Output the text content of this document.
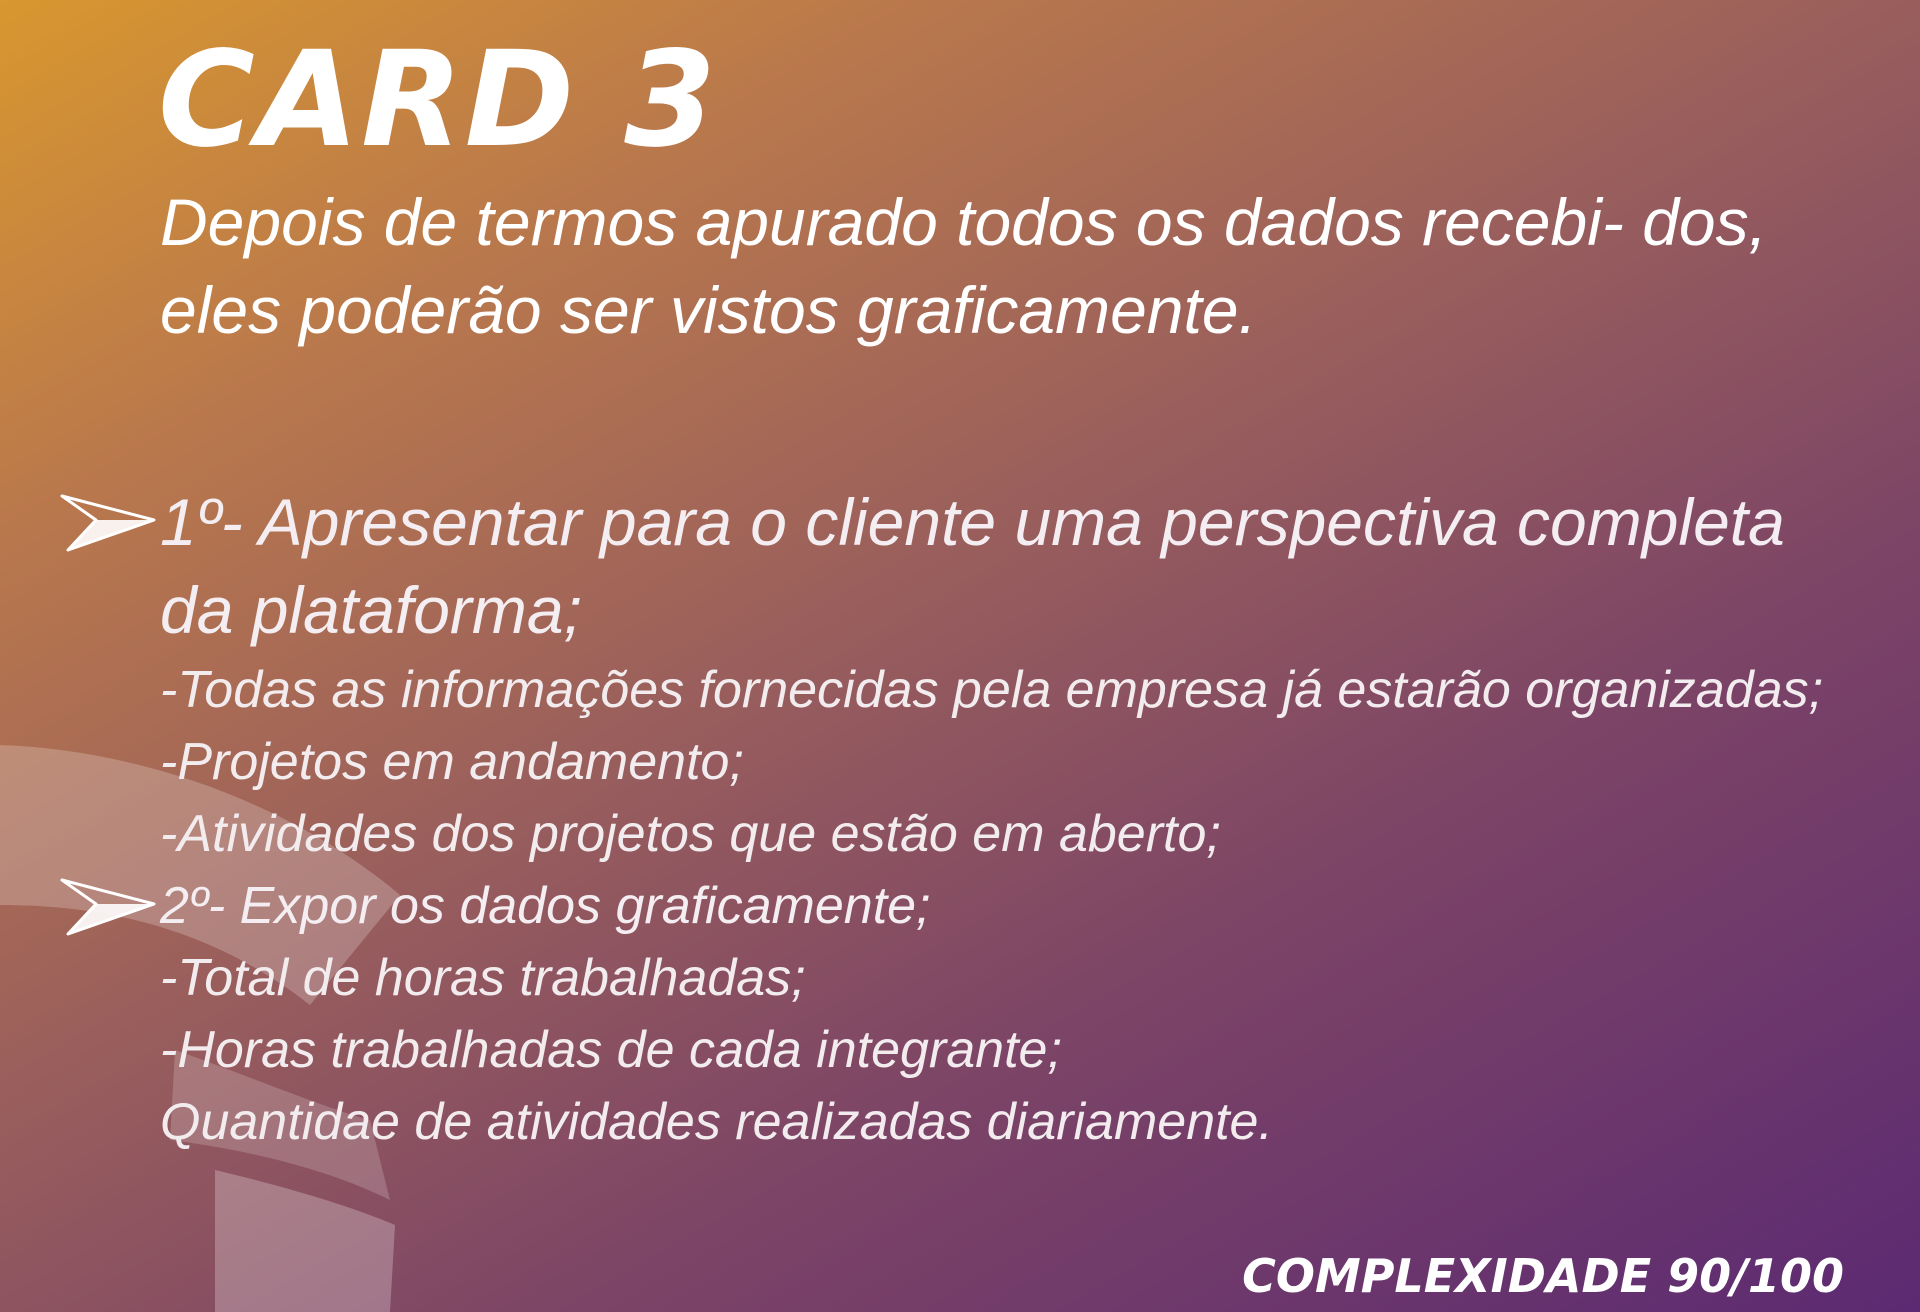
CARD 3

Depois de termos apurado todos os dados recebi- dos, eles poderão ser vistos graficamente.

1º- Apresentar para o cliente uma perspectiva completa da plataforma;
-Todas as informações fornecidas pela empresa já estarão organizadas;
-Projetos em andamento;
-Atividades dos projetos que estão em aberto;
2º- Expor os dados graficamente;
-Total de horas trabalhadas;
-Horas trabalhadas de cada integrante;
Quantidae de atividades realizadas diariamente.
COMPLEXIDADE 90/100
